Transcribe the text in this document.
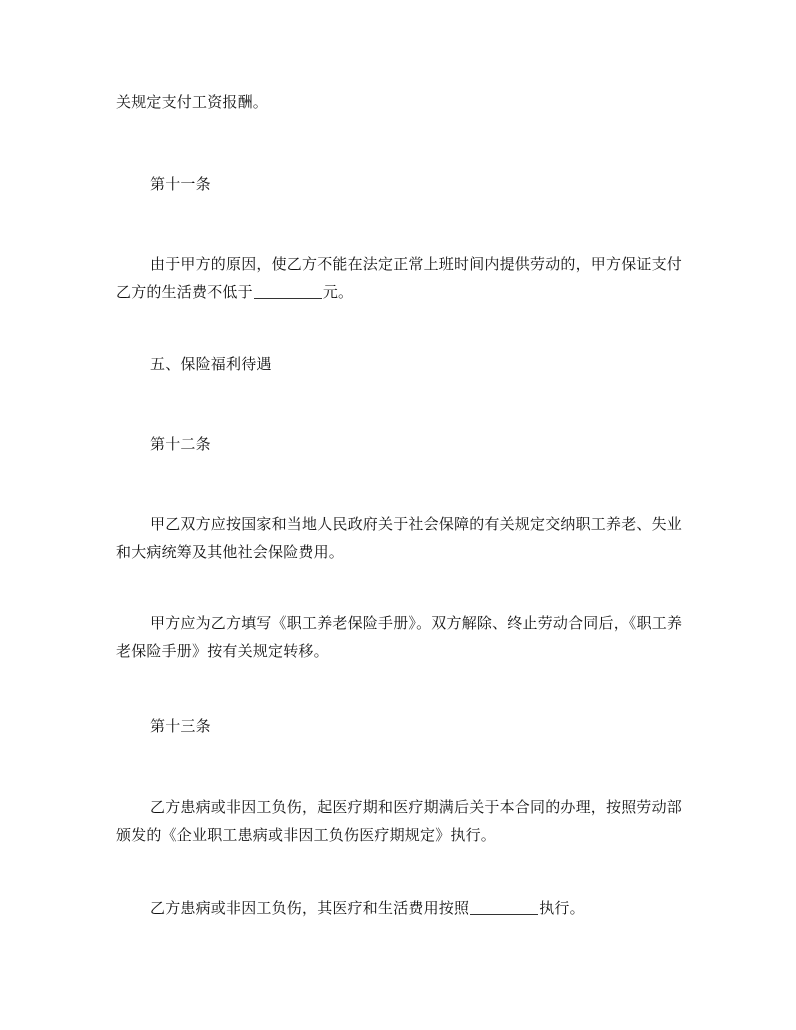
关规定支付工资报酬。

第十一条

由于甲方的原因，使乙方不能在法定正常上班时间内提供劳动的，甲方保证支付乙方的生活费不低于	元。

五、保险福利待遇

第十二条

甲乙双方应按国家和当地人民政府关于社会保障的有关规定交纳职工养老、失业和大病统筹及其他社会保险费用。

甲方应为乙方填写《职工养老保险手册》。双方解除、终止劳动合同后，《职工养老保险手册》按有关规定转移。

第十三条

乙方患病或非因工负伤，起医疗期和医疗期满后关于本合同的办理，按照劳动部颁发的《企业职工患病或非因工负伤医疗期规定》执行。

乙方患病或非因工负伤，其医疗和生活费用按照	执行。
